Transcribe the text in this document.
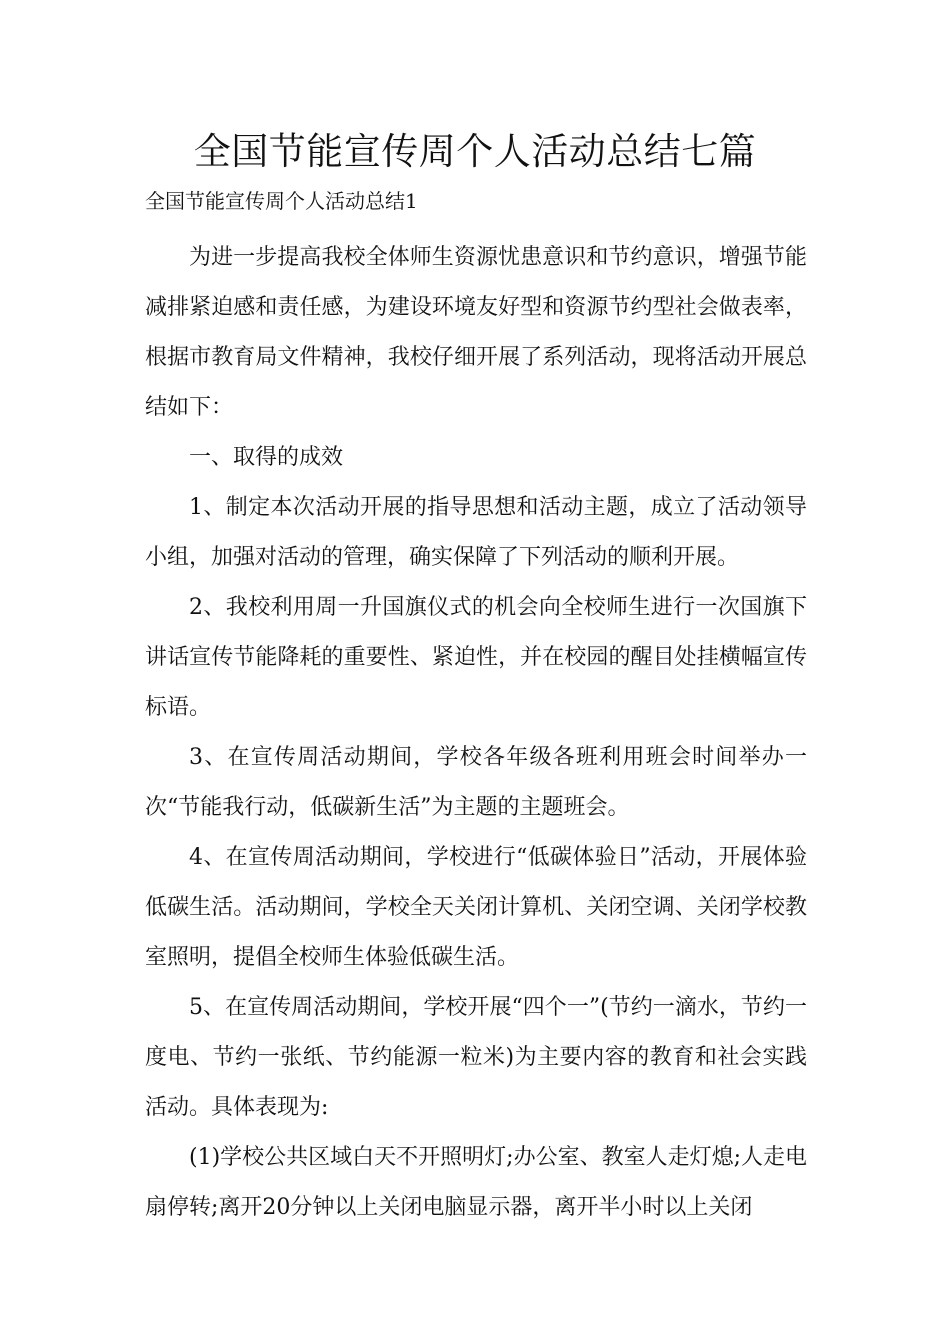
全国节能宣传周个人活动总结七篇
全国节能宣传周个人活动总结1

为进一步提高我校全体师生资源忧患意识和节约意识，增强节能减排紧迫感和责任感，为建设环境友好型和资源节约型社会做表率，根据市教育局文件精神，我校仔细开展了系列活动，现将活动开展总结如下：

一、取得的成效

1、制定本次活动开展的指导思想和活动主题，成立了活动领导小组，加强对活动的管理，确实保障了下列活动的顺利开展。

2、我校利用周一升国旗仪式的机会向全校师生进行一次国旗下讲话宣传节能降耗的重要性、紧迫性，并在校园的醒目处挂横幅宣传标语。

3、在宣传周活动期间，学校各年级各班利用班会时间举办一次“节能我行动，低碳新生活”为主题的主题班会。

4、在宣传周活动期间，学校进行“低碳体验日”活动，开展体验低碳生活。活动期间，学校全天关闭计算机、关闭空调、关闭学校教室照明，提倡全校师生体验低碳生活。

5、在宣传周活动期间，学校开展“四个一”(节约一滴水，节约一度电、节约一张纸、节约能源一粒米)为主要内容的教育和社会实践活动。具体表现为:

(1)学校公共区域白天不开照明灯;办公室、教室人走灯熄;人走电扇停转;离开20分钟以上关闭电脑显示器，离开半小时以上关闭
